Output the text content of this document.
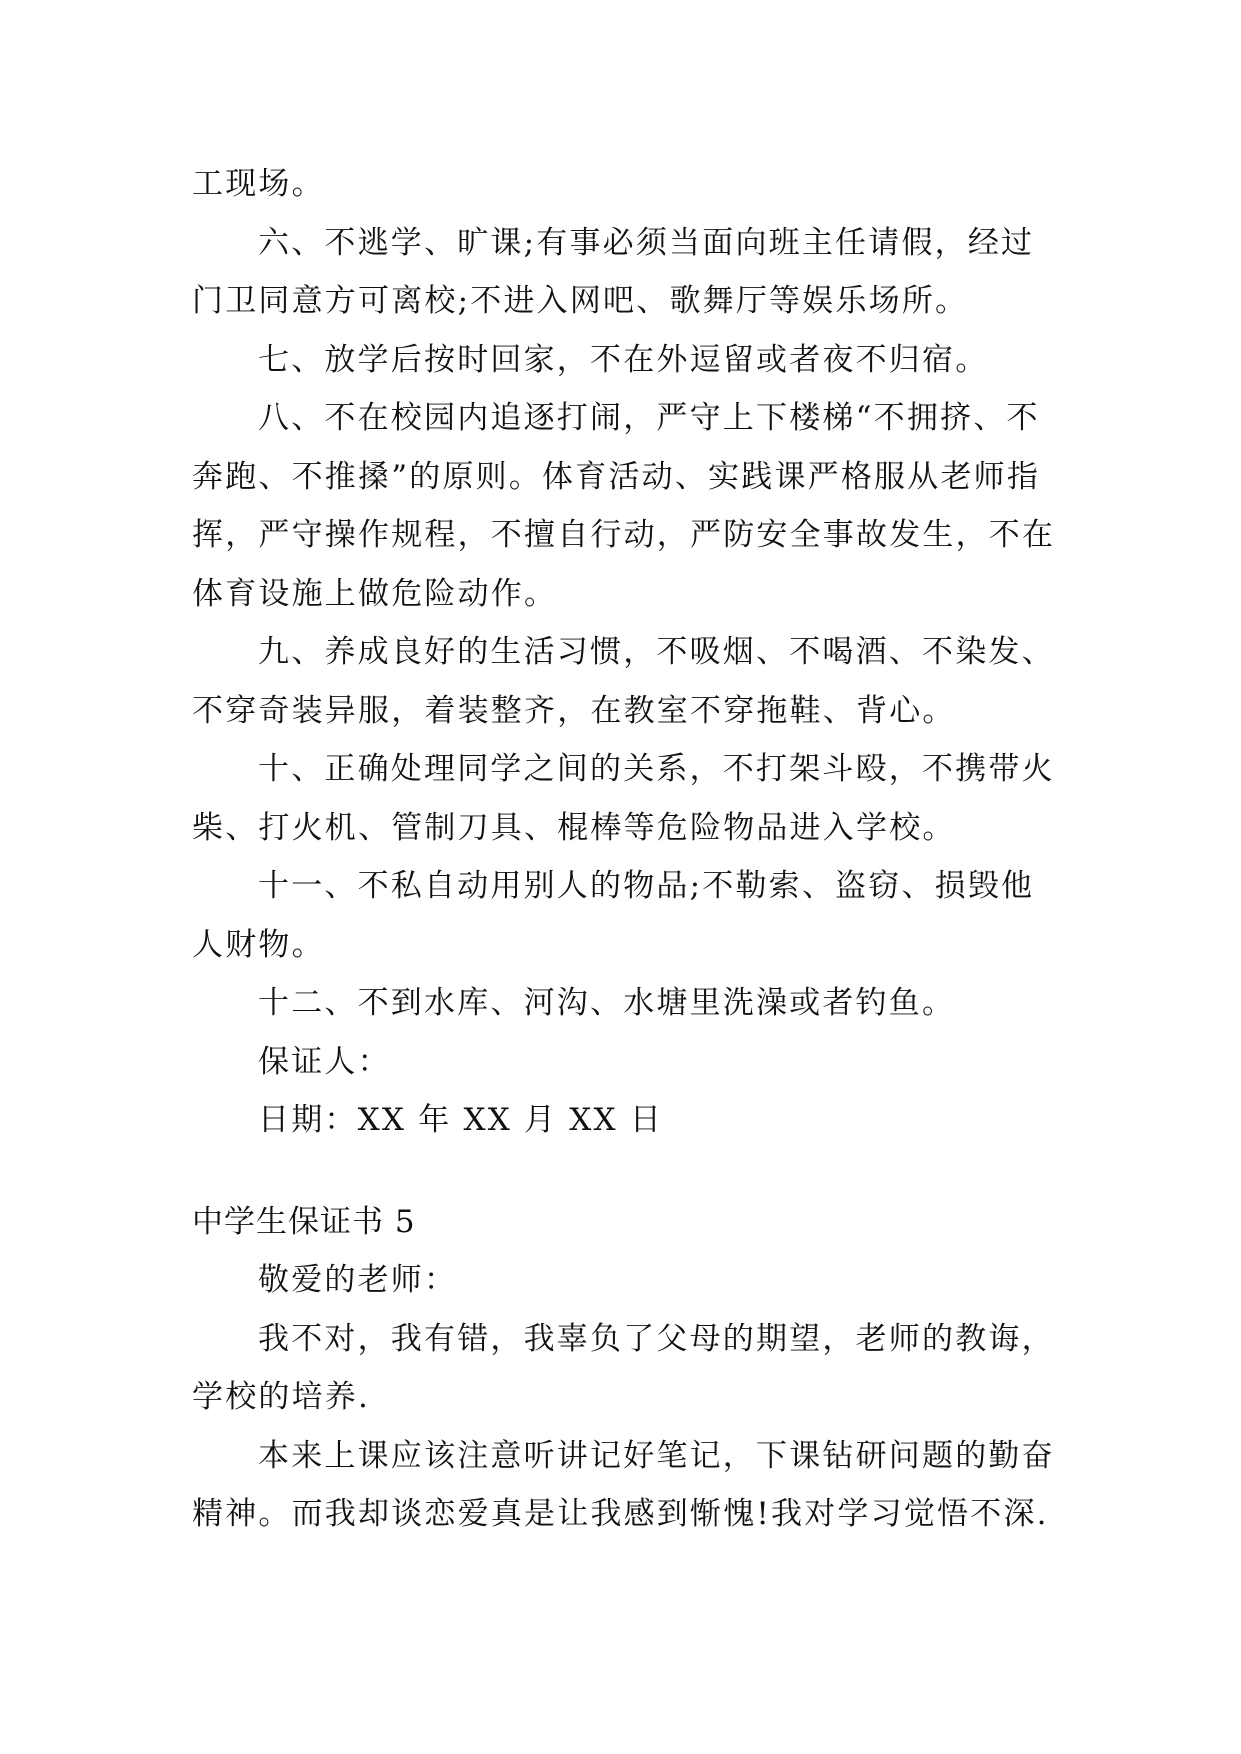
工现场。
六、不逃学、旷课;有事必须当面向班主任请假，经过
门卫同意方可离校;不进入网吧、歌舞厅等娱乐场所。
七、放学后按时回家，不在外逗留或者夜不归宿。
八、不在校园内追逐打闹，严守上下楼梯“不拥挤、不
奔跑、不推搡”的原则。体育活动、实践课严格服从老师指
挥，严守操作规程，不擅自行动，严防安全事故发生，不在
体育设施上做危险动作。
九、养成良好的生活习惯，不吸烟、不喝酒、不染发、
不穿奇装异服，着装整齐，在教室不穿拖鞋、背心。
十、正确处理同学之间的关系，不打架斗殴，不携带火
柴、打火机、管制刀具、棍棒等危险物品进入学校。
十一、不私自动用别人的物品;不勒索、盗窃、损毁他
人财物。
十二、不到水库、河沟、水塘里洗澡或者钓鱼。
保证人：
日期：XX 年 XX 月 XX 日
中学生保证书 5
敬爱的老师：
我不对，我有错，我辜负了父母的期望，老师的教诲，
学校的培养.
本来上课应该注意听讲记好笔记，下课钻研问题的勤奋
精神。而我却谈恋爱真是让我感到惭愧!我对学习觉悟不深.
